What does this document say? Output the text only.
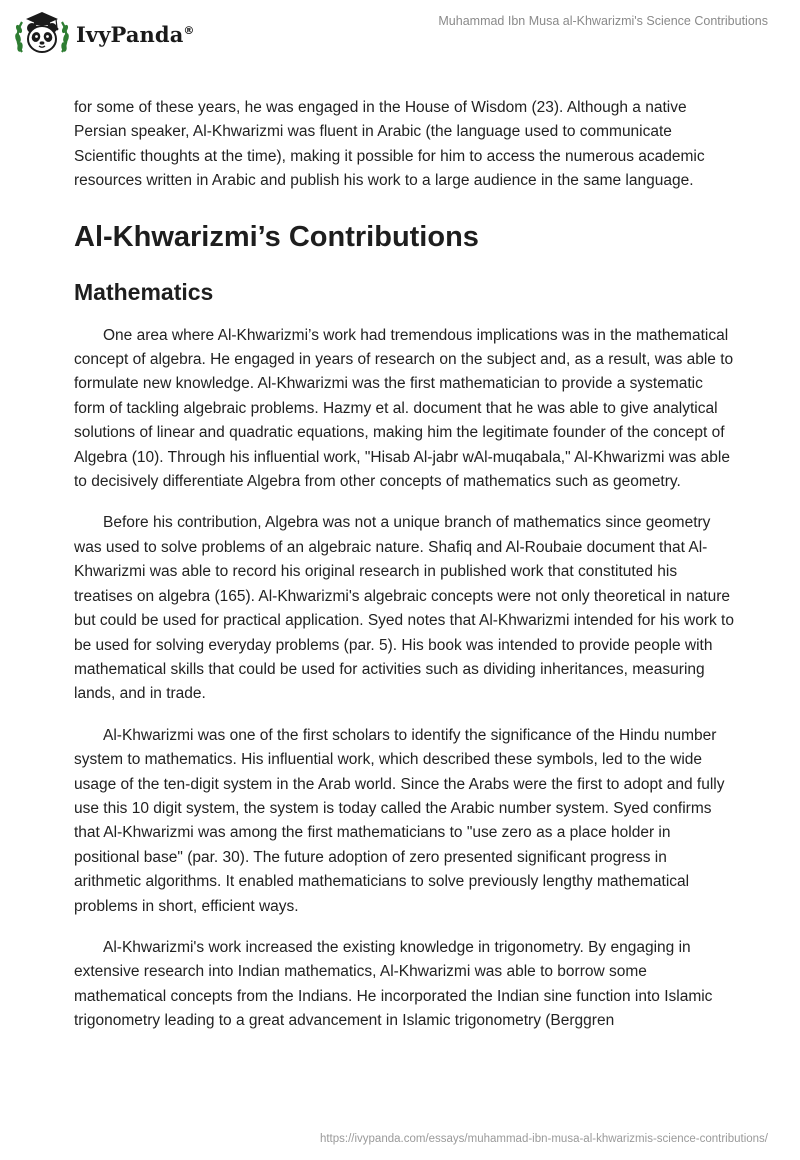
IvyPanda®
Muhammad Ibn Musa al-Khwarizmi's Science Contributions

for some of these years, he was engaged in the House of Wisdom (23). Although a native Persian speaker, Al-Khwarizmi was fluent in Arabic (the language used to communicate Scientific thoughts at the time), making it possible for him to access the numerous academic resources written in Arabic and publish his work to a large audience in the same language.

Al-Khwarizmi’s Contributions
Mathematics

One area where Al-Khwarizmi’s work had tremendous implications was in the mathematical concept of algebra. He engaged in years of research on the subject and, as a result, was able to formulate new knowledge. Al-Khwarizmi was the first mathematician to provide a systematic form of tackling algebraic problems. Hazmy et al. document that he was able to give analytical solutions of linear and quadratic equations, making him the legitimate founder of the concept of Algebra (10). Through his influential work, "Hisab Al-jabr wAl-muqabala," Al-Khwarizmi was able to decisively differentiate Algebra from other concepts of mathematics such as geometry.

Before his contribution, Algebra was not a unique branch of mathematics since geometry was used to solve problems of an algebraic nature. Shafiq and Al-Roubaie document that Al-Khwarizmi was able to record his original research in published work that constituted his treatises on algebra (165). Al-Khwarizmi's algebraic concepts were not only theoretical in nature but could be used for practical application. Syed notes that Al-Khwarizmi intended for his work to be used for solving everyday problems (par. 5). His book was intended to provide people with mathematical skills that could be used for activities such as dividing inheritances, measuring lands, and in trade.

Al-Khwarizmi was one of the first scholars to identify the significance of the Hindu number system to mathematics. His influential work, which described these symbols, led to the wide usage of the ten-digit system in the Arab world. Since the Arabs were the first to adopt and fully use this 10 digit system, the system is today called the Arabic number system. Syed confirms that Al-Khwarizmi was among the first mathematicians to "use zero as a place holder in positional base" (par. 30). The future adoption of zero presented significant progress in arithmetic algorithms. It enabled mathematicians to solve previously lengthy mathematical problems in short, efficient ways.

Al-Khwarizmi's work increased the existing knowledge in trigonometry. By engaging in extensive research into Indian mathematics, Al-Khwarizmi was able to borrow some mathematical concepts from the Indians. He incorporated the Indian sine function into Islamic trigonometry leading to a great advancement in Islamic trigonometry (Berggren

https://ivypanda.com/essays/muhammad-ibn-musa-al-khwarizmis-science-contributions/
